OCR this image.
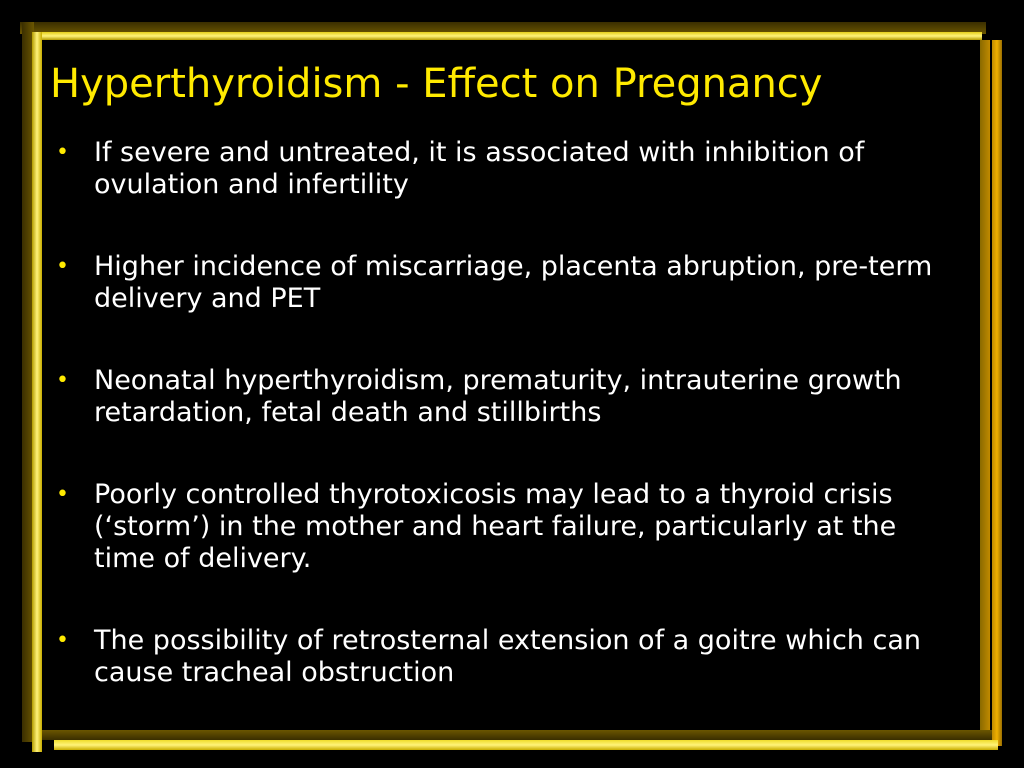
Hyperthyroidism - Effect on Pregnancy
• If severe and untreated, it is associated with inhibition of ovulation and infertility
• Higher incidence of miscarriage, placenta abruption, pre-term delivery and PET
• Neonatal hyperthyroidism, prematurity, intrauterine growth retardation, fetal death and stillbirths
• Poorly controlled thyrotoxicosis may lead to a thyroid crisis (‘storm’) in the mother and heart failure, particularly at the time of delivery.
• The possibility of retrosternal extension of a goitre which can cause tracheal obstruction
